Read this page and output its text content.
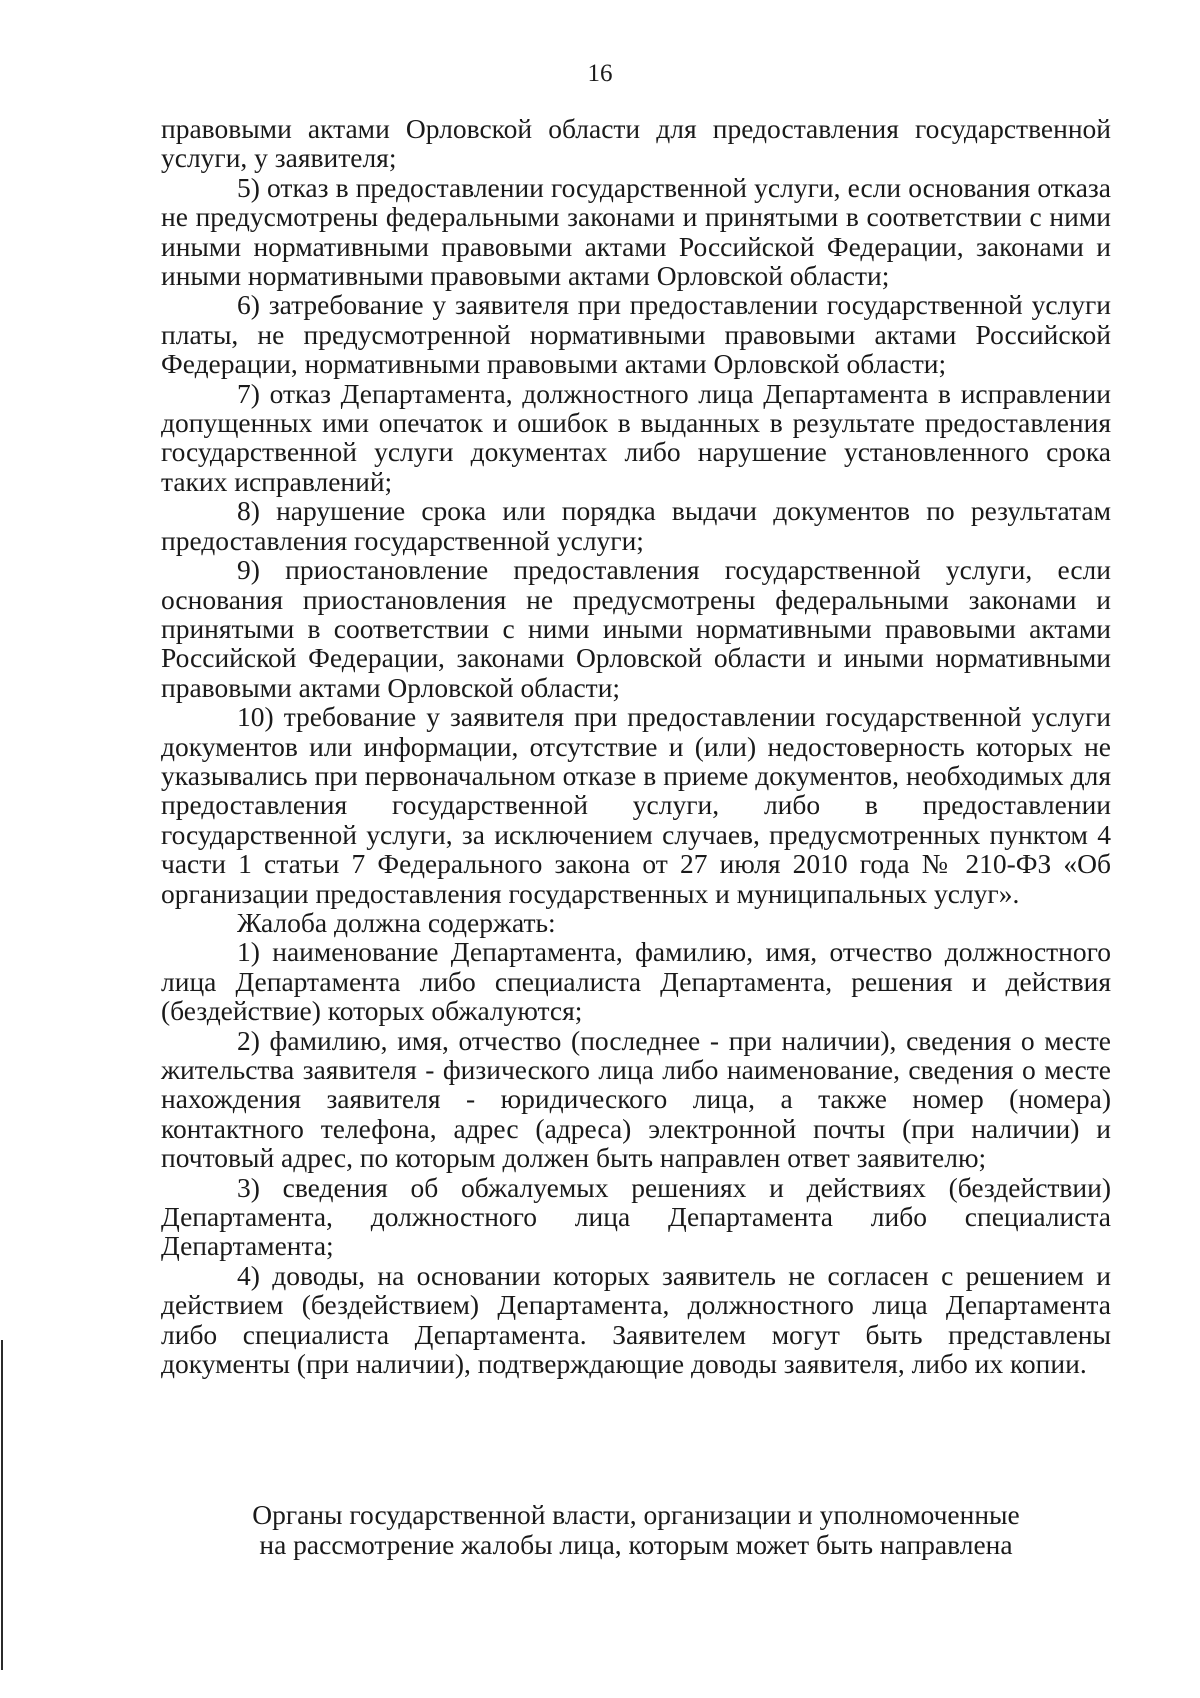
16

правовыми актами Орловской области для предоставления государственной услуги, у заявителя;

5) отказ в предоставлении государственной услуги, если основания отказа не предусмотрены федеральными законами и принятыми в соответствии с ними иными нормативными правовыми актами Российской Федерации, законами и иными нормативными правовыми актами Орловской области;

6) затребование у заявителя при предоставлении государственной услуги платы, не предусмотренной нормативными правовыми актами Российской Федерации, нормативными правовыми актами Орловской области;

7) отказ Департамента, должностного лица Департамента в исправлении допущенных ими опечаток и ошибок в выданных в результате предоставления государственной услуги документах либо нарушение установленного срока таких исправлений;

8) нарушение срока или порядка выдачи документов по результатам предоставления государственной услуги;

9) приостановление предоставления государственной услуги, если основания приостановления не предусмотрены федеральными законами и принятыми в соответствии с ними иными нормативными правовыми актами Российской Федерации, законами Орловской области и иными нормативными правовыми актами Орловской области;

10) требование у заявителя при предоставлении государственной услуги документов или информации, отсутствие и (или) недостоверность которых не указывались при первоначальном отказе в приеме документов, необходимых для предоставления государственной услуги, либо в предоставлении государственной услуги, за исключением случаев, предусмотренных пунктом 4 части 1 статьи 7 Федерального закона от 27 июля 2010 года № 210-ФЗ «Об организации предоставления государственных и муниципальных услуг».

Жалоба должна содержать:

1) наименование Департамента, фамилию, имя, отчество должностного лица Департамента либо специалиста Департамента, решения и действия (бездействие) которых обжалуются;

2) фамилию, имя, отчество (последнее - при наличии), сведения о месте жительства заявителя - физического лица либо наименование, сведения о месте нахождения заявителя - юридического лица, а также номер (номера) контактного телефона, адрес (адреса) электронной почты (при наличии) и почтовый адрес, по которым должен быть направлен ответ заявителю;

3) сведения об обжалуемых решениях и действиях (бездействии) Департамента, должностного лица Департамента либо специалиста Департамента;

4) доводы, на основании которых заявитель не согласен с решением и действием (бездействием) Департамента, должностного лица Департамента либо специалиста Департамента. Заявителем могут быть представлены документы (при наличии), подтверждающие доводы заявителя, либо их копии.

Органы государственной власти, организации и уполномоченные
на рассмотрение жалобы лица, которым может быть направлена
